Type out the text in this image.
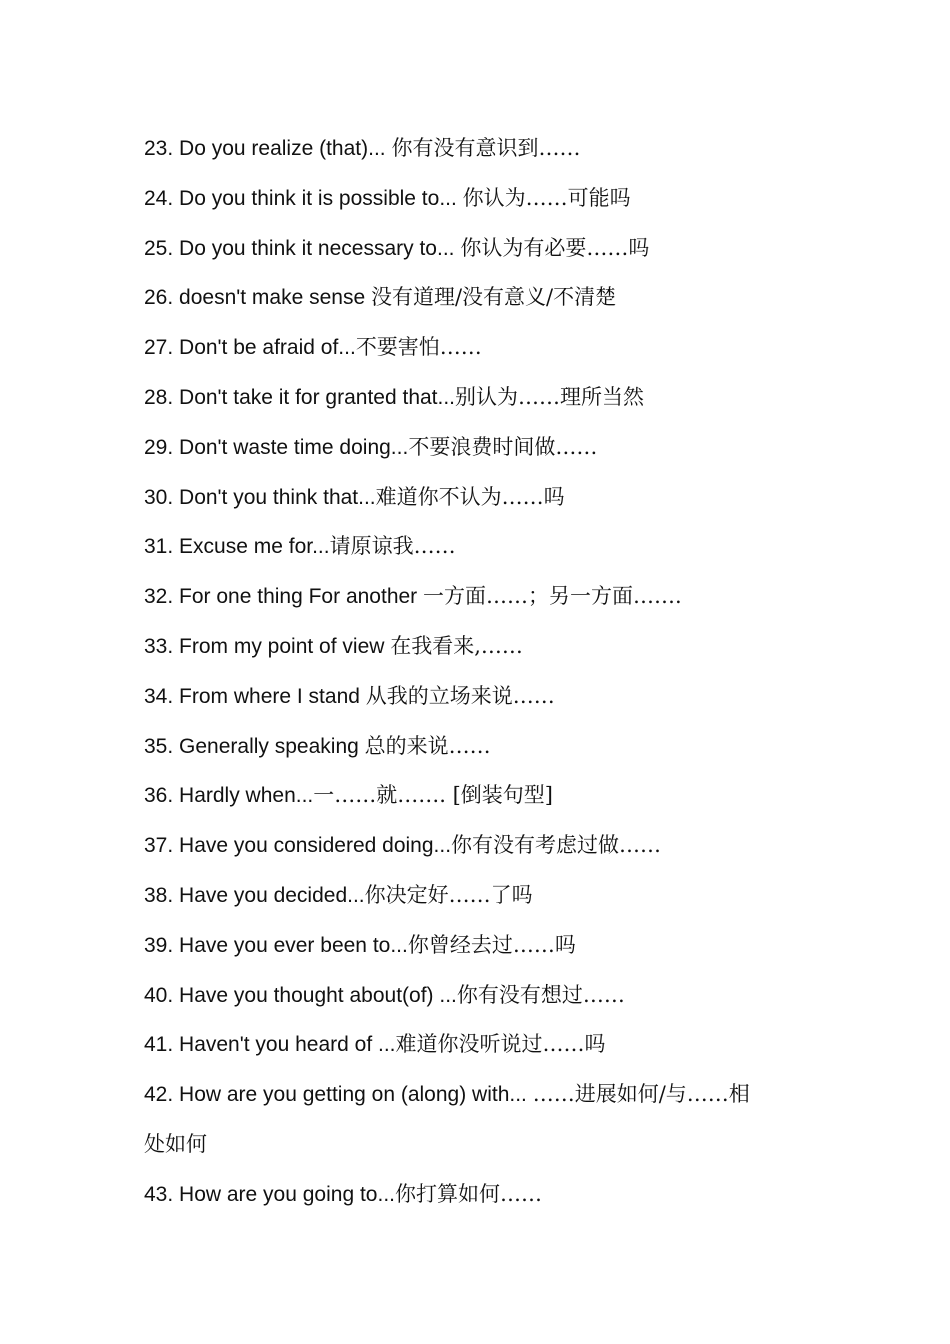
23. Do you realize (that)... 你有没有意识到……
24. Do you think it is possible to... 你认为……可能吗
25. Do you think it necessary to... 你认为有必要……吗
26. doesn't make sense 没有道理/没有意义/不清楚
27. Don't be afraid of...不要害怕……
28. Don't take it for granted that...别认为……理所当然
29. Don't waste time doing...不要浪费时间做……
30. Don't you think that...难道你不认为……吗
31. Excuse me for...请原谅我……
32. For one thing For another 一方面……；另一方面…….
33. From my point of view 在我看来,……
34. From where I stand 从我的立场来说……
35. Generally speaking 总的来说……
36. Hardly when...一……就……. [倒装句型]
37. Have you considered doing...你有没有考虑过做……
38. Have you decided...你决定好……了吗
39. Have you ever been to...你曾经去过……吗
40. Have you thought about(of) ...你有没有想过……
41. Haven't you heard of ...难道你没听说过……吗
42. How are you getting on (along) with... ……进展如何/与……相
处如何
43. How are you going to...你打算如何……
